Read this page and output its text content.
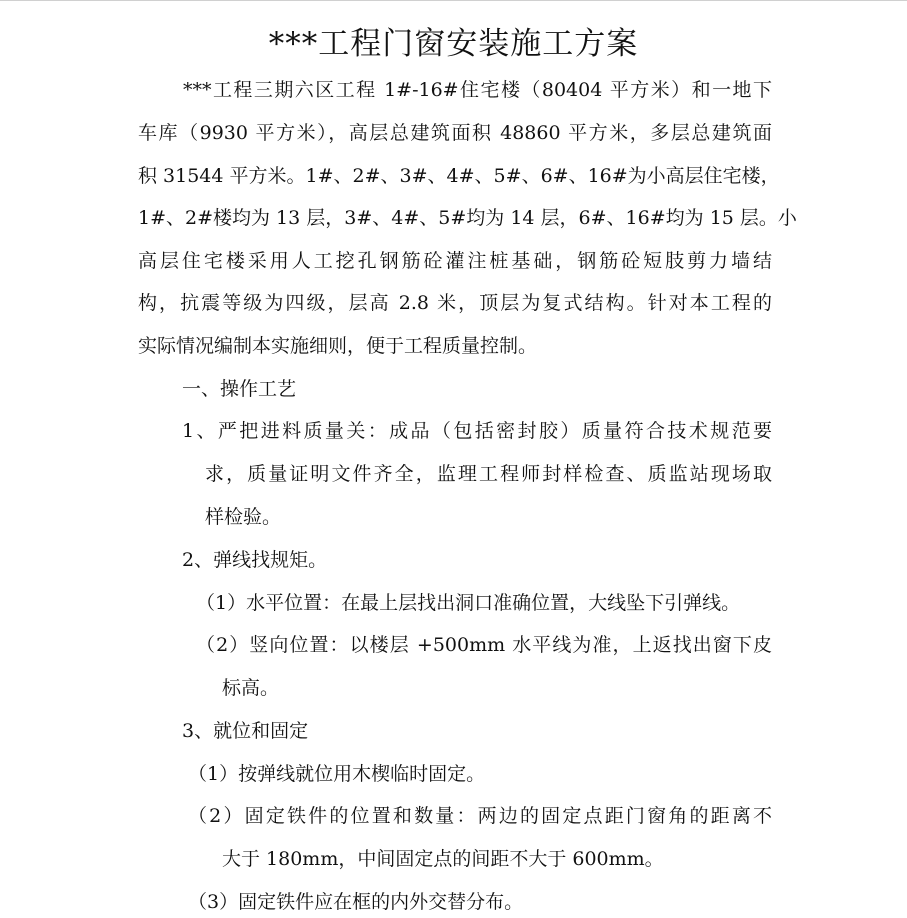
***工程门窗安装施工方案
***工程三期六区工程 1#-16#住宅楼（80404 平方米）和一地下
车库（9930 平方米），高层总建筑面积 48860 平方米，多层总建筑面
积 31544 平方米。1#、2#、3#、4#、5#、6#、16#为小高层住宅楼，
1#、2#楼均为 13 层，3#、4#、5#均为 14 层，6#、16#均为 15 层。小
高层住宅楼采用人工挖孔钢筋砼灌注桩基础，钢筋砼短肢剪力墙结
构，抗震等级为四级，层高 2.8 米，顶层为复式结构。针对本工程的
实际情况编制本实施细则，便于工程质量控制。
一、操作工艺
1、严把进料质量关：成品（包括密封胶）质量符合技术规范要
求，质量证明文件齐全，监理工程师封样检查、质监站现场取
样检验。
2、弹线找规矩。
（1）水平位置：在最上层找出洞口准确位置，大线坠下引弹线。
（2）竖向位置：以楼层 +500mm 水平线为准，上返找出窗下皮
标高。
3、就位和固定
（1）按弹线就位用木楔临时固定。
（2）固定铁件的位置和数量：两边的固定点距门窗角的距离不
大于 180mm，中间固定点的间距不大于 600mm。
（3）固定铁件应在框的内外交替分布。
